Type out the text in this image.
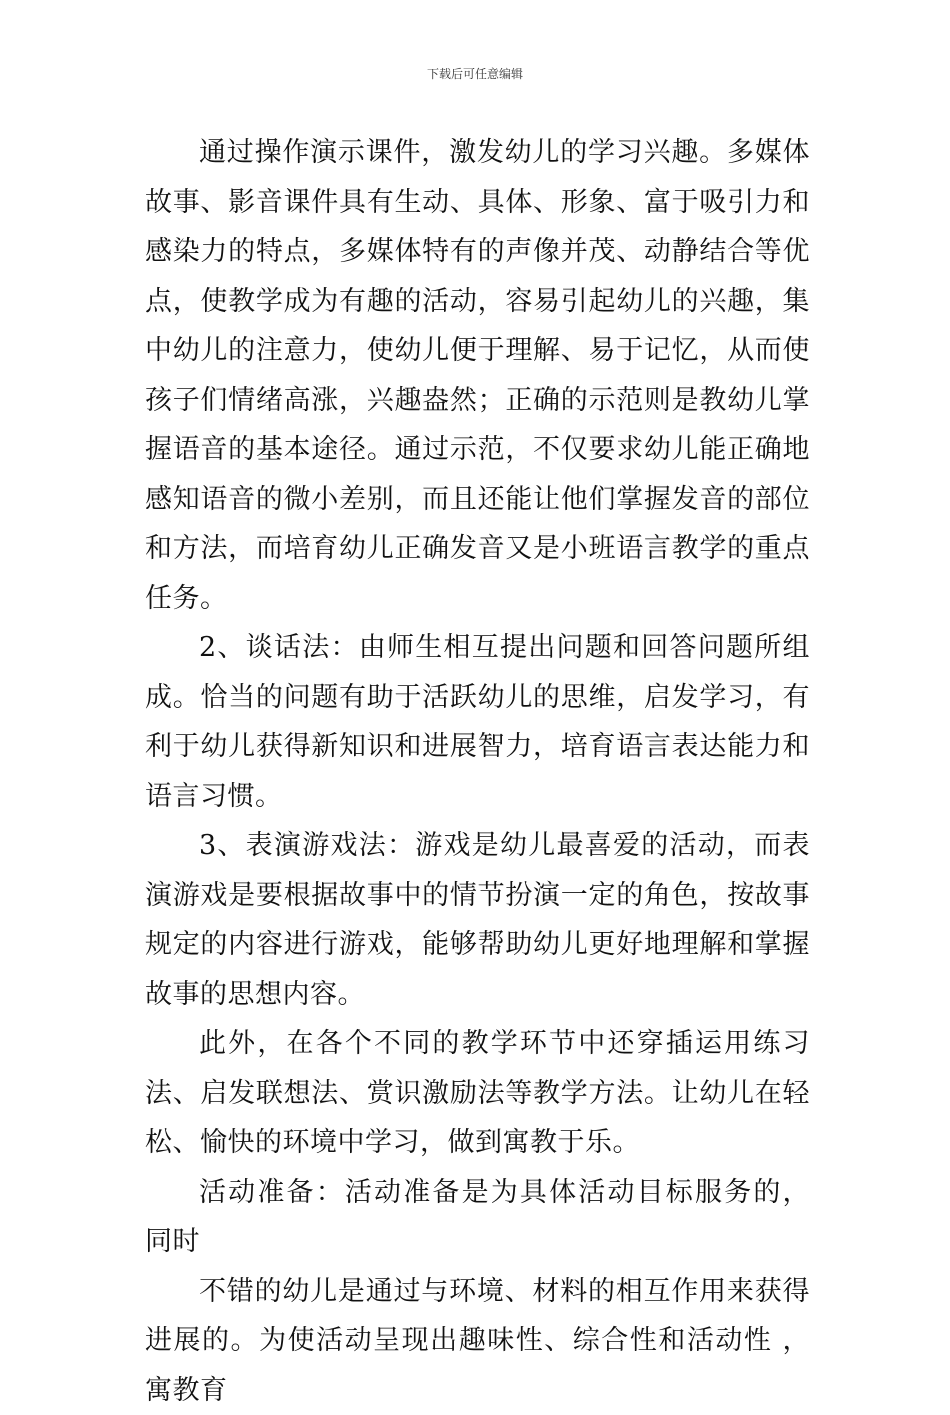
下载后可任意编辑

通过操作演示课件，激发幼儿的学习兴趣。多媒体故事、影音课件具有生动、具体、形象、富于吸引力和感染力的特点，多媒体特有的声像并茂、动静结合等优点，使教学成为有趣的活动，容易引起幼儿的兴趣，集中幼儿的注意力，使幼儿便于理解、易于记忆，从而使孩子们情绪高涨，兴趣盎然；正确的示范则是教幼儿掌握语音的基本途径。通过示范，不仅要求幼儿能正确地感知语音的微小差别，而且还能让他们掌握发音的部位和方法，而培育幼儿正确发音又是小班语言教学的重点任务。

2、谈话法：由师生相互提出问题和回答问题所组成。恰当的问题有助于活跃幼儿的思维，启发学习，有利于幼儿获得新知识和进展智力，培育语言表达能力和语言习惯。

3、表演游戏法：游戏是幼儿最喜爱的活动，而表演游戏是要根据故事中的情节扮演一定的角色，按故事规定的内容进行游戏，能够帮助幼儿更好地理解和掌握故事的思想内容。

此外，在各个不同的教学环节中还穿插运用练习法、启发联想法、赏识激励法等教学方法。让幼儿在轻松、愉快的环境中学习，做到寓教于乐。

活动准备：活动准备是为具体活动目标服务的， 同时

不错的幼儿是通过与环境、材料的相互作用来获得进展的。为使活动呈现出趣味性、综合性和活动性 ，寓教育
